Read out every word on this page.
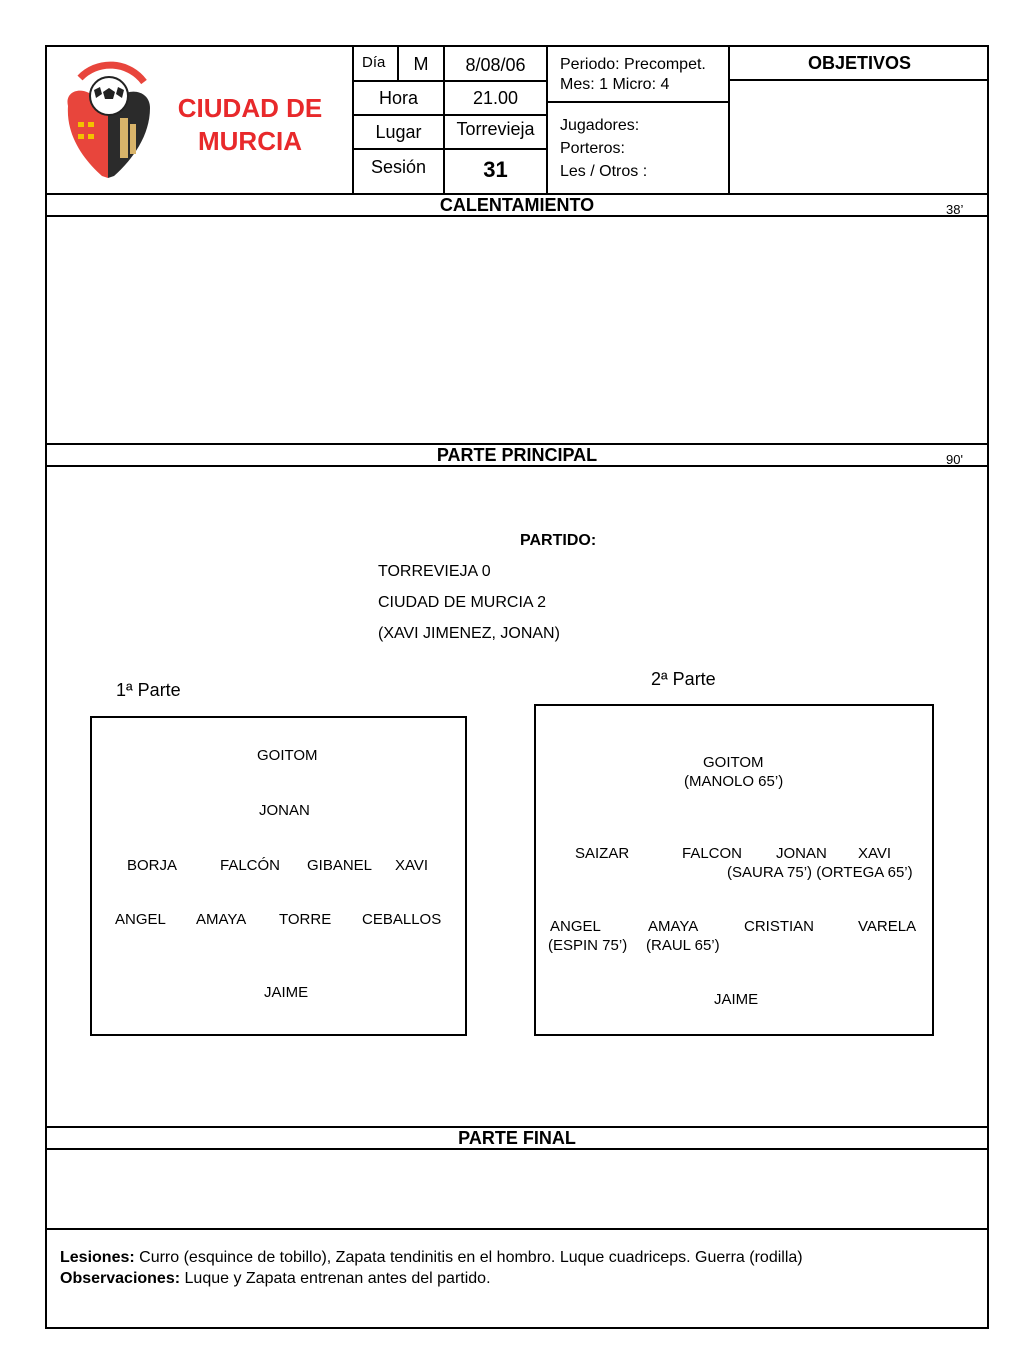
CIUDAD DE
MURCIA
Día	M	8/08/06
Hora	21.00
Lugar	Torrevieja
Sesión	31
Periodo: Precompet.
Mes: 1 Micro: 4
Jugadores:
Porteros:
Les / Otros :
OBJETIVOS
CALENTAMIENTO	38’
PARTE PRINCIPAL	90'
PARTIDO:
TORREVIEJA 0
CIUDAD DE MURCIA 2
(XAVI JIMENEZ, JONAN)
1ª Parte
GOITOM
JONAN
BORJA	FALCÓN GIBANEL XAVI
ANGEL AMAYA TORRE CEBALLOS
JAIME
2ª Parte
GOITOM
(MANOLO 65’)
SAIZAR	FALCON JONAN XAVI
(SAURA 75’) (ORTEGA 65’)
ANGEL
(ESPIN 75’)
AMAYA
(RAUL 65’)
CRISTIAN	VARELA
JAIME
PARTE FINAL
Lesiones: Curro (esquince de tobillo), Zapata tendinitis en el hombro. Luque cuadriceps. Guerra (rodilla)
Observaciones: Luque y Zapata entrenan antes del partido.
